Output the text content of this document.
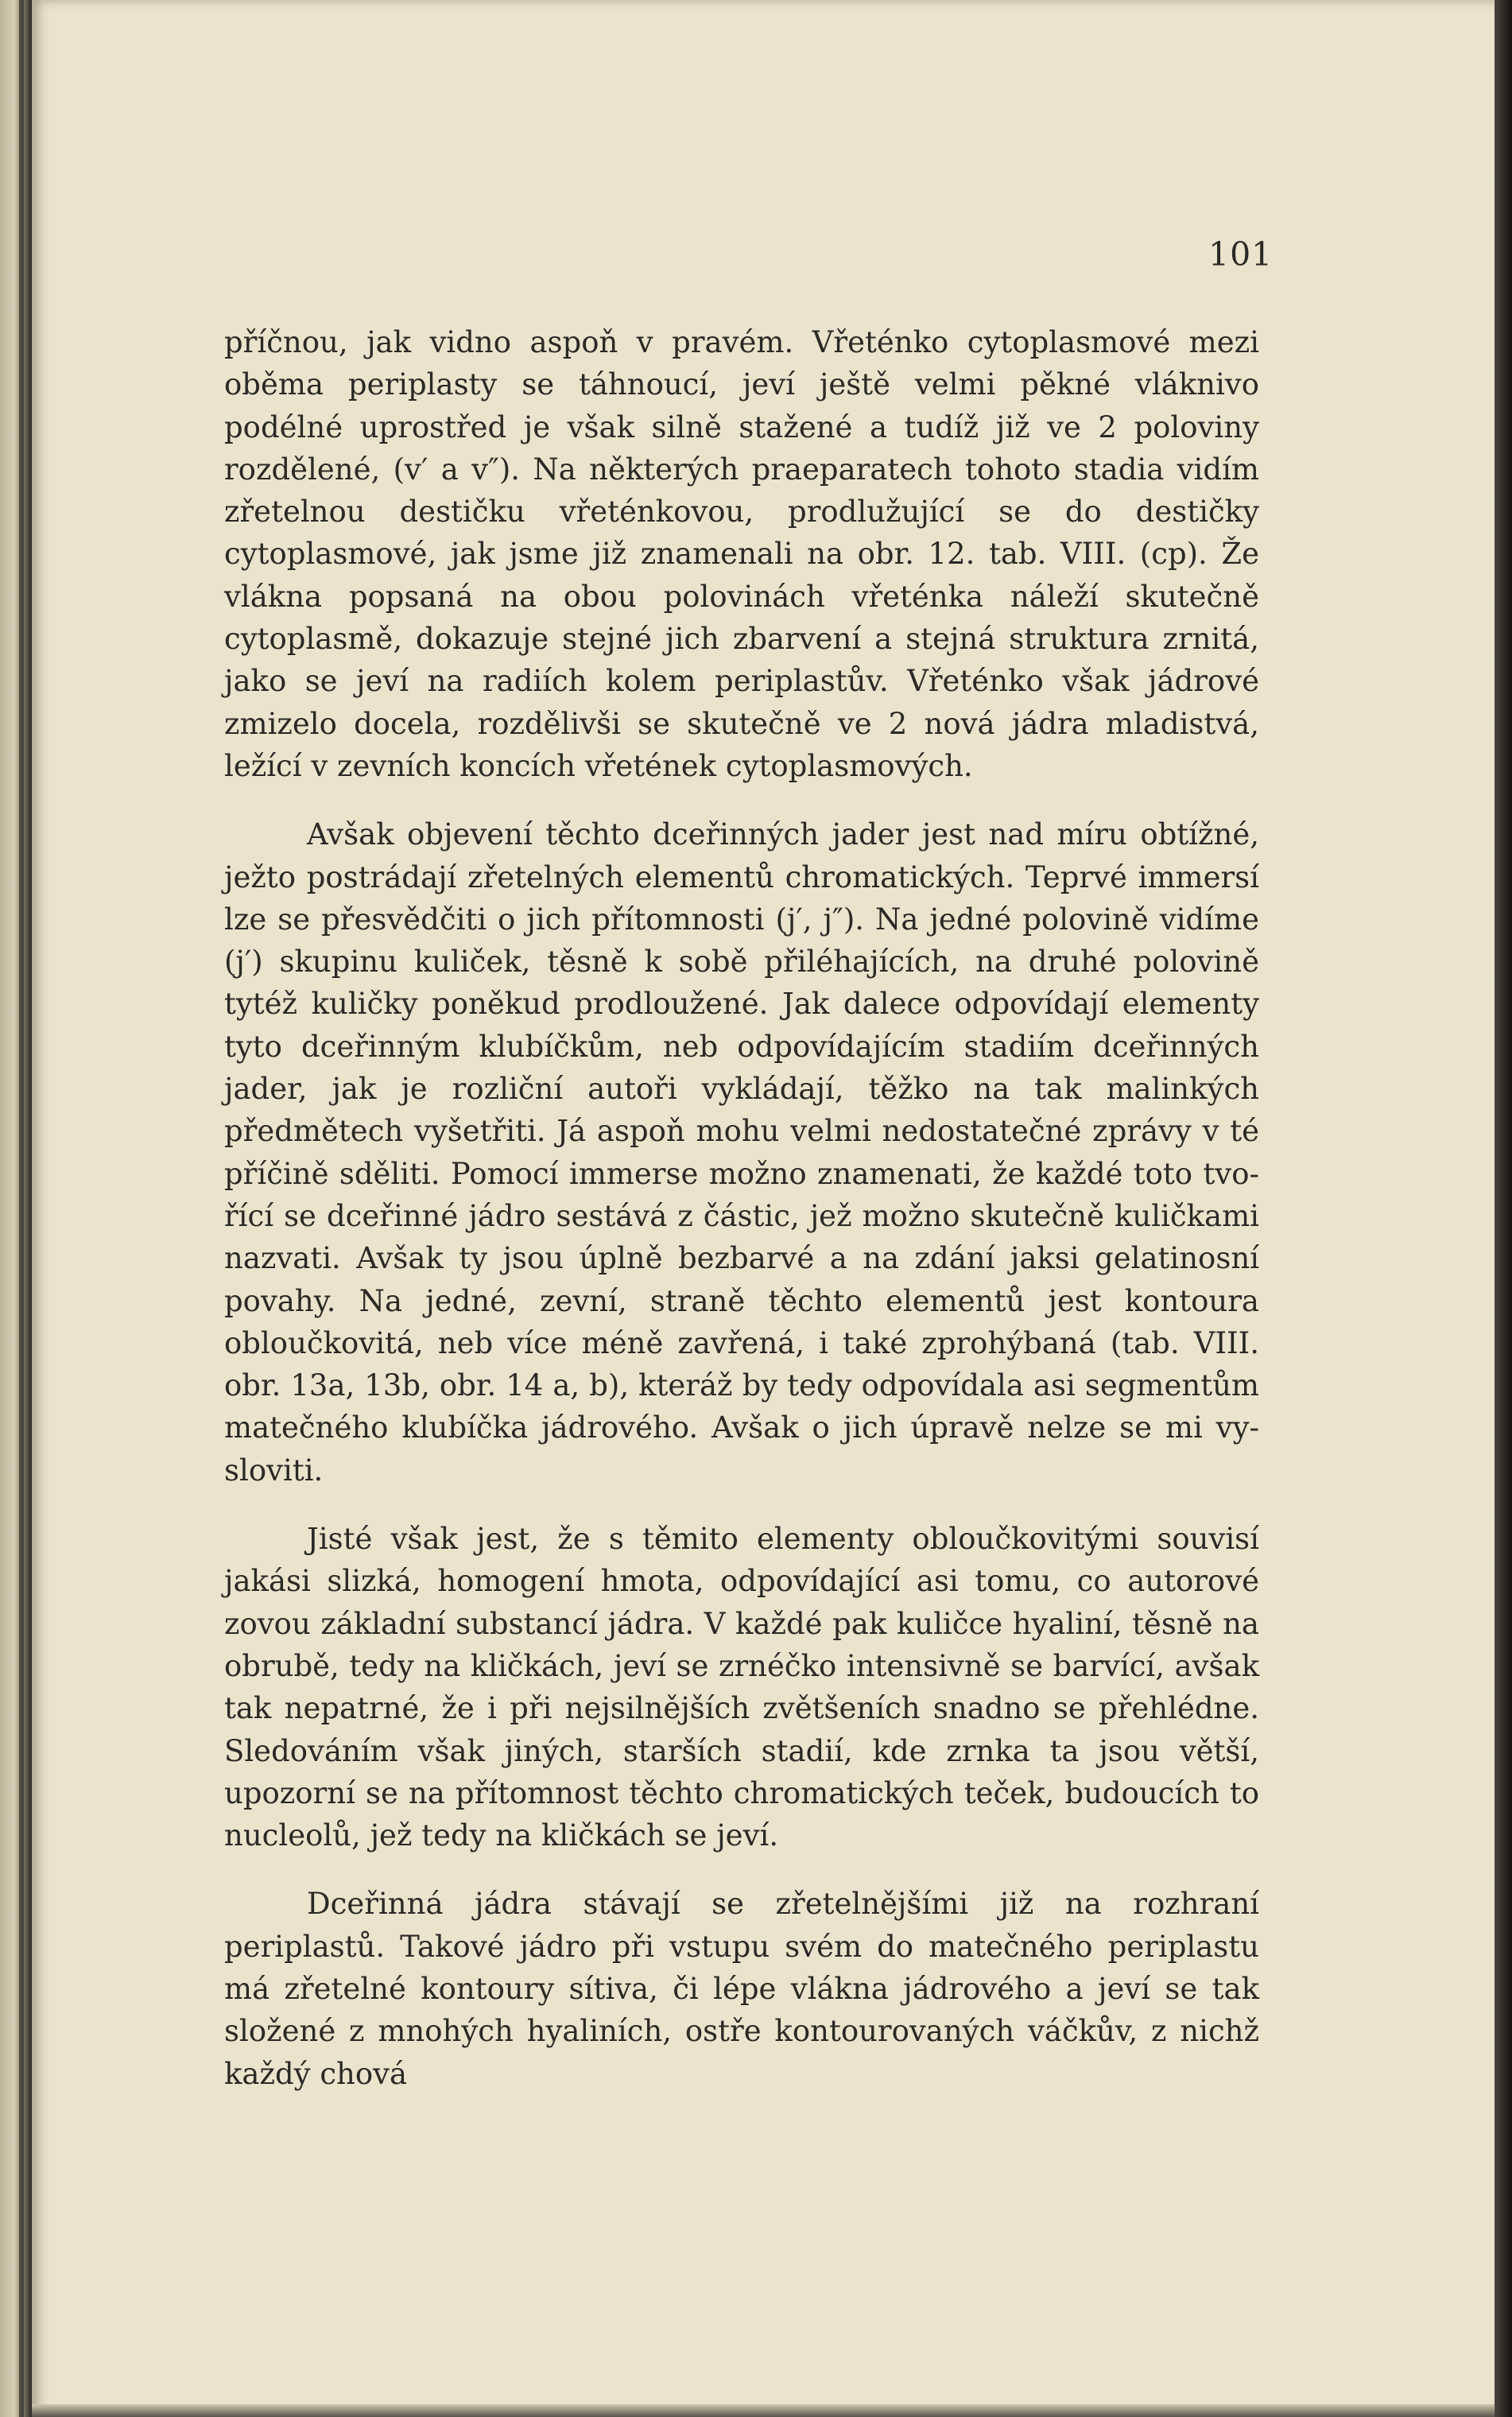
101

příčnou, jak vidno aspoň v pravém. Vřeténko cytoplasmové mezi oběma periplasty se táhnoucí, jeví ještě velmi pěkné vláknivo podélné uprostřed je však silně stažené a tudíž již ve 2 poloviny rozdělené, (v′ a v″). Na některých praeparatech tohoto stadia vidím zřetelnou destičku vřeténkovou, prodlužující se do destičky cytoplasmové, jak jsme již znamenali na obr. 12. tab. VIII. (cp). Že vlákna popsaná na obou polovinách vřeténka náleží skutečně cytoplasmě, dokazuje stejné jich zbarvení a stejná struktura zrnitá, jako se jeví na radiích kolem periplastův. Vřeténko však jádrové zmizelo docela, rozdělivši se skutečně ve 2 nová jádra mladistvá, ležící v zevních koncích vřetének cytoplasmových.

Avšak objevení těchto dceřinných jader jest nad míru obtížné, ježto postrádají zřetelných elementů chromatických. Teprvé immersí lze se přesvědčiti o jich přítomnosti (j′, j″). Na jedné polovině vidíme (j′) skupinu kuliček, těsně k sobě přiléhajících, na druhé polovině tytéž kuličky poněkud prodloužené. Jak dalece odpovídají elementy tyto dceřinným klubíčkům, neb odpovídajícím stadiím dceřinných jader, jak je rozliční autoři vykládají, těžko na tak malinkých předmětech vyšetřiti. Já aspoň mohu velmi nedostatečné zprávy v té příčině sděliti. Pomocí immerse možno znamenati, že každé toto tvořící se dceřinné jádro sestává z částic, jež možno skutečně kuličkami nazvati. Avšak ty jsou úplně bezbarvé a na zdání jaksi gelatinosní povahy. Na jedné, zevní, straně těchto elementů jest kontoura obloučkovitá, neb více méně zavřená, i také zprohýbaná (tab. VIII. obr. 13a, 13b, obr. 14 a, b), kteráž by tedy odpovídala asi segmentům matečného klubíčka jádrového. Avšak o jich úpravě nelze se mi vysloviti.

Jisté však jest, že s těmito elementy obloučkovitými souvisí jakási slizká, homogení hmota, odpovídající asi tomu, co autorové zovou základní substancí jádra. V každé pak kuličce hyaliní, těsně na obrubě, tedy na kličkách, jeví se zrnéčko intensivně se barvící, avšak tak nepatrné, že i při nejsilnějších zvětšeních snadno se přehlédne. Sledováním však jiných, starších stadií, kde zrnka ta jsou větší, upozorní se na přítomnost těchto chromatických teček, budoucích to nucleolů, jež tedy na kličkách se jeví.

Dceřinná jádra stávají se zřetelnějšími již na rozhraní periplastů. Takové jádro při vstupu svém do matečného periplastu má zřetelné kontoury sítiva, či lépe vlákna jádrového a jeví se tak složené z mnohých hyaliních, ostře kontourovaných váčkův, z nichž každý chová
